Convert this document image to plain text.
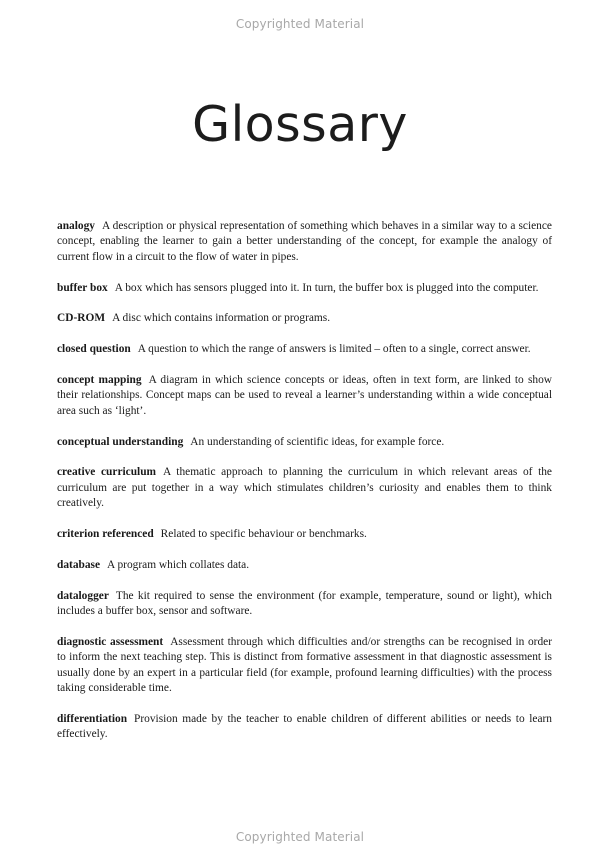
Copyrighted Material
Glossary

analogy A description or physical representation of something which behaves in a similar way to a science concept, enabling the learner to gain a better understanding of the concept, for example the analogy of current flow in a circuit to the flow of water in pipes.

buffer box A box which has sensors plugged into it. In turn, the buffer box is plugged into the computer.

CD-ROM A disc which contains information or programs.

closed question A question to which the range of answers is limited – often to a single, correct answer.

concept mapping A diagram in which science concepts or ideas, often in text form, are linked to show their relationships. Concept maps can be used to reveal a learner’s understanding within a wide conceptual area such as ‘light’.

conceptual understanding An understanding of scientific ideas, for example force.

creative curriculum A thematic approach to planning the curriculum in which relevant areas of the curriculum are put together in a way which stimulates children’s curiosity and enables them to think creatively.

criterion referenced Related to specific behaviour or benchmarks.

database A program which collates data.

datalogger The kit required to sense the environment (for example, temperature, sound or light), which includes a buffer box, sensor and software.

diagnostic assessment Assessment through which difficulties and/or strengths can be recognised in order to inform the next teaching step. This is distinct from formative assessment in that diagnostic assessment is usually done by an expert in a particular field (for example, profound learning difficulties) with the process taking considerable time.

differentiation Provision made by the teacher to enable children of different abilities or needs to learn effectively.

Copyrighted Material
